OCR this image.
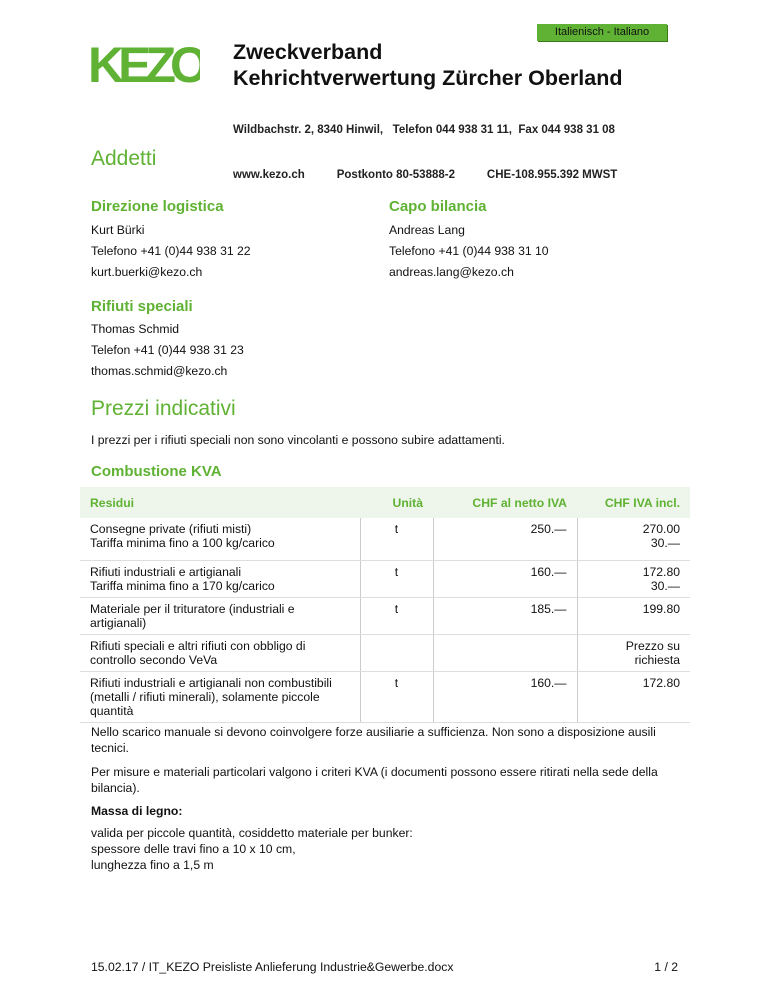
Italienisch - Italiano
KEZO Zweckverband
Kehrichtverwertung Zürcher Oberland

Wildbachstr. 2, 8340 Hinwil,   Telefon 044 938 31 11,  Fax 044 938 31 08

www.kezo.ch          Postkonto 80-53888-2          CHE-108.955.392 MWST

Addetti
Direzione logistica
Kurt Bürki
Telefono +41 (0)44 938 31 22
kurt.buerki@kezo.ch
Capo bilancia
Andreas Lang
Telefono +41 (0)44 938 31 10
andreas.lang@kezo.ch
Rifiuti speciali
Thomas Schmid
Telefon +41 (0)44 938 31 23
thomas.schmid@kezo.ch
Prezzi indicativi
I prezzi per i rifiuti speciali non sono vincolanti e possono subire adattamenti.
Combustione KVA
Residui	Unità	CHF al netto IVA	CHF IVA incl.
Consegne private (rifiuti misti)
Tariffa minima fino a 100 kg/carico	t	250.—	270.00
30.—
Rifiuti industriali e artigianali
Tariffa minima fino a 170 kg/carico	t	160.—	172.80
30.—
Materiale per il trituratore (industriali e
artigianali)	t	185.—	199.80
Rifiuti speciali e altri rifiuti con obbligo di
controllo secondo VeVa			Prezzo su
richiesta
Rifiuti industriali e artigianali non combustibili
(metalli / rifiuti minerali), solamente piccole
quantità	t	160.—	172.80
Nello scarico manuale si devono coinvolgere forze ausiliarie a sufficienza. Non sono a disposizione ausili tecnici.
Per misure e materiali particolari valgono i criteri KVA (i documenti possono essere ritirati nella sede della bilancia).
Massa di legno:
valida per piccole quantità, cosiddetto materiale per bunker:
spessore delle travi fino a 10 x 10 cm,
lunghezza fino a 1,5 m
15.02.17 / IT_KEZO Preisliste Anlieferung Industrie&Gewerbe.docx	1 / 2
